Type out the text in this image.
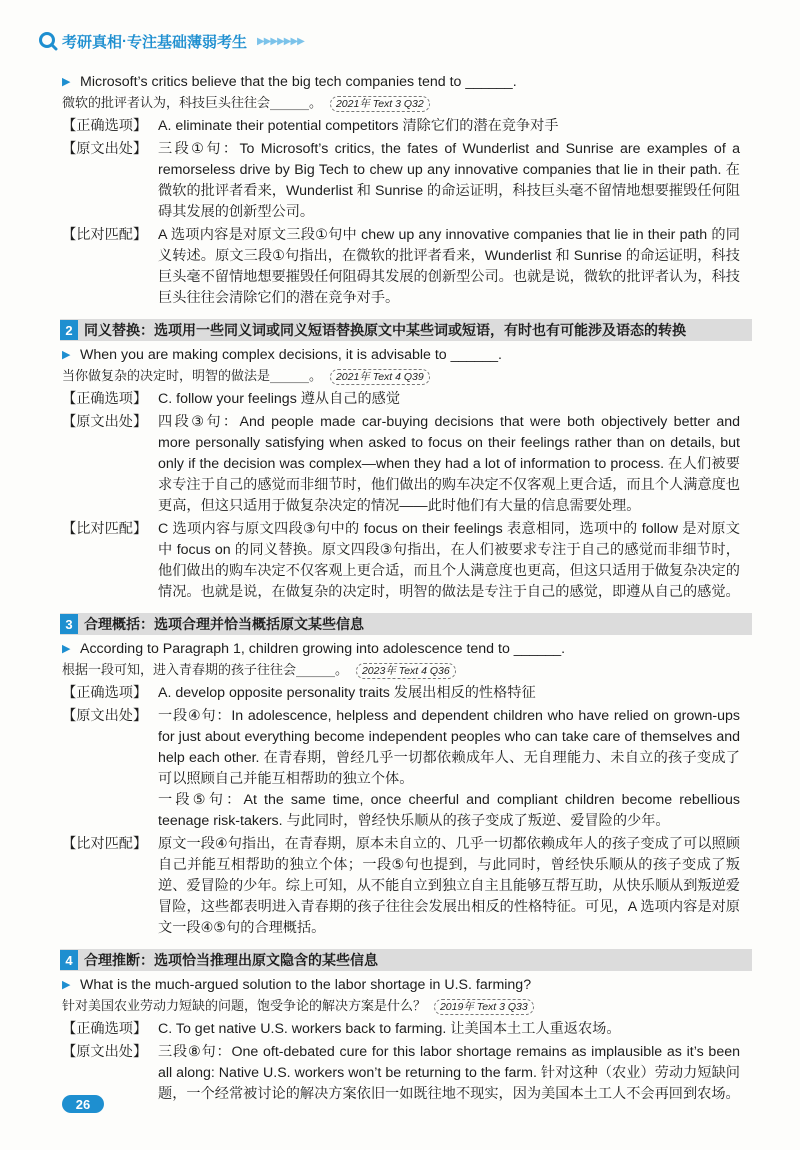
考研真相 · 专注基础薄弱考生 ▶▶▶▶▶▶▶
▶ Microsoft’s critics believe that the big tech companies tend to ______.
微软的批评者认为，科技巨头往往会______。 2021年 Text 3 Q32
【正确选项】 A. eliminate their potential competitors 清除它们的潜在竞争对手
【原文出处】 三段①句：To Microsoft’s critics, the fates of Wunderlist and Sunrise are examples of a remorseless drive by Big Tech to chew up any innovative companies that lie in their path. 在微软的批评者看来，Wunderlist 和 Sunrise 的命运证明，科技巨头毫不留情地想要摧毁任何阻碍其发展的创新型公司。
【比对匹配】 A 选项内容是对原文三段①句中 chew up any innovative companies that lie in their path 的同义转述。原文三段①句指出，在微软的批评者看来，Wunderlist 和 Sunrise 的命运证明，科技巨头毫不留情地想要摧毁任何阻碍其发展的创新型公司。也就是说，微软的批评者认为，科技巨头往往会清除它们的潜在竞争对手。
2 同义替换：选项用一些同义词或同义短语替换原文中某些词或短语，有时也有可能涉及语态的转换
▶ When you are making complex decisions, it is advisable to ______.
当你做复杂的决定时，明智的做法是______。 2021年 Text 4 Q39
【正确选项】 C. follow your feelings 遵从自己的感觉
【原文出处】 四段③句：And people made car-buying decisions that were both objectively better and more personally satisfying when asked to focus on their feelings rather than on details, but only if the decision was complex—when they had a lot of information to process. 在人们被要求专注于自己的感觉而非细节时，他们做出的购车决定不仅客观上更合适，而且个人满意度也更高，但这只适用于做复杂决定的情况——此时他们有大量的信息需要处理。
【比对匹配】 C 选项内容与原文四段③句中的 focus on their feelings 表意相同，选项中的 follow 是对原文中 focus on 的同义替换。原文四段③句指出，在人们被要求专注于自己的感觉而非细节时，他们做出的购车决定不仅客观上更合适，而且个人满意度也更高，但这只适用于做复杂决定的情况。也就是说，在做复杂的决定时，明智的做法是专注于自己的感觉，即遵从自己的感觉。
3 合理概括：选项合理并恰当概括原文某些信息
▶ According to Paragraph 1, children growing into adolescence tend to ______.
根据一段可知，进入青春期的孩子往往会______。 2023年 Text 4 Q36
【正确选项】 A. develop opposite personality traits 发展出相反的性格特征
【原文出处】 一段④句：In adolescence, helpless and dependent children who have relied on grown-ups for just about everything become independent peoples who can take care of themselves and help each other. 在青春期，曾经几乎一切都依赖成年人、无自理能力、未自立的孩子变成了可以照顾自己并能互相帮助的独立个体。
一段⑤句：At the same time, once cheerful and compliant children become rebellious teenage risk-takers. 与此同时，曾经快乐顺从的孩子变成了叛逆、爱冒险的少年。
【比对匹配】 原文一段④句指出，在青春期，原本未自立的、几乎一切都依赖成年人的孩子变成了可以照顾自己并能互相帮助的独立个体；一段⑤句也提到，与此同时，曾经快乐顺从的孩子变成了叛逆、爱冒险的少年。综上可知，从不能自立到独立自主且能够互帮互助，从快乐顺从到叛逆爱冒险，这些都表明进入青春期的孩子往往会发展出相反的性格特征。可见，A 选项内容是对原文一段④⑤句的合理概括。
4 合理推断：选项恰当推理出原文隐含的某些信息
▶ What is the much-argued solution to the labor shortage in U.S. farming?
针对美国农业劳动力短缺的问题，饱受争论的解决方案是什么？ 2019年 Text 3 Q33
【正确选项】 C. To get native U.S. workers back to farming. 让美国本土工人重返农场。
【原文出处】 三段⑧句：One oft-debated cure for this labor shortage remains as implausible as it’s been all along: Native U.S. workers won’t be returning to the farm. 针对这种（农业）劳动力短缺问题，一个经常被讨论的解决方案依旧一如既往地不现实，因为美国本土工人不会再回到农场。
26
